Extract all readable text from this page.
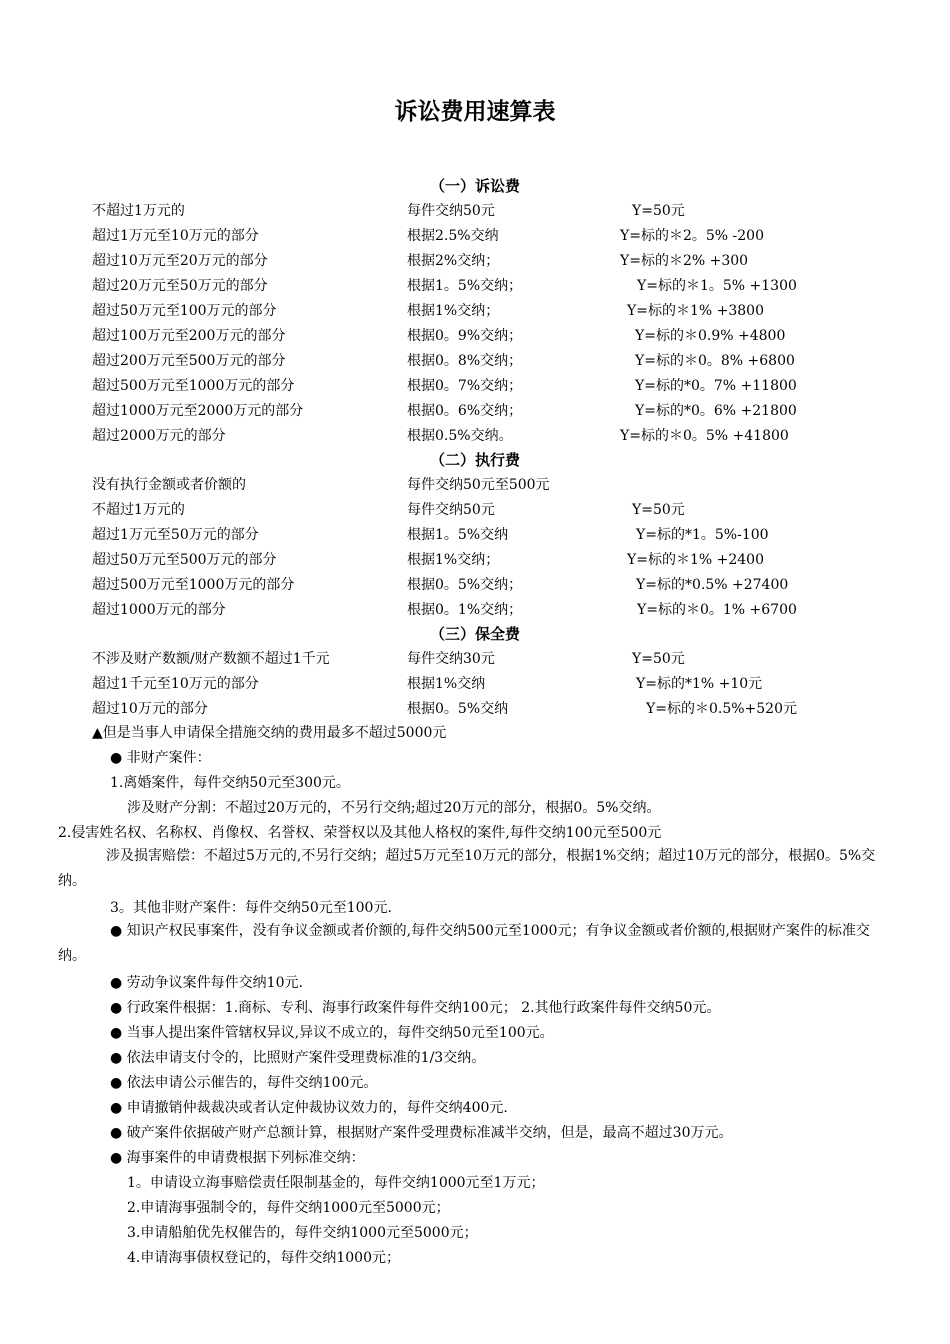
诉讼费用速算表
（一）诉讼费
不超过1万元的	每件交纳50元	Y=50元
超过1万元至10万元的部分	根据2.5%交纳	Y=标的＊2。5% -200
超过10万元至20万元的部分	根据2%交纳；	Y=标的＊2% +300
超过20万元至50万元的部分	根据1。5%交纳；	Y=标的＊1。5% +1300
超过50万元至100万元的部分	根据1%交纳；	Y=标的＊1% +3800
超过100万元至200万元的部分	根据0。9%交纳；	Y=标的＊0.9% +4800
超过200万元至500万元的部分	根据0。8%交纳；	Y=标的＊0。8% +6800
超过500万元至1000万元的部分	根据0。7%交纳；	Y=标的*0。7% +11800
超过1000万元至2000万元的部分	根据0。6%交纳；	Y=标的*0。6% +21800
超过2000万元的部分	根据0.5%交纳。	Y=标的＊0。5% +41800
（二）执行费
没有执行金额或者价额的	每件交纳50元至500元
不超过1万元的	每件交纳50元	Y=50元
超过1万元至50万元的部分	根据1。5%交纳	Y=标的*1。5%-100
超过50万元至500万元的部分	根据1%交纳；	Y=标的＊1% +2400
超过500万元至1000万元的部分	根据0。5%交纳；	Y=标的*0.5% +27400
超过1000万元的部分	根据0。1%交纳；	Y=标的＊0。1% +6700
（三）保全费
不涉及财产数额/财产数额不超过1千元	每件交纳30元	Y=50元
超过1千元至10万元的部分	根据1%交纳	Y=标的*1% +10元
超过10万元的部分	根据0。5%交纳	Y=标的＊0.5%+520元
▲但是当事人申请保全措施交纳的费用最多不超过5000元
● 非财产案件：
1.离婚案件，每件交纳50元至300元。
涉及财产分割：不超过20万元的，不另行交纳;超过20万元的部分，根据0。5%交纳。
2.侵害姓名权、名称权、肖像权、名誉权、荣誉权以及其他人格权的案件,每件交纳100元至500元
涉及损害赔偿：不超过5万元的,不另行交纳；超过5万元至10万元的部分，根据1%交纳；超过10万元的部分，根据0。5%交纳。
3。其他非财产案件：每件交纳50元至100元.
● 知识产权民事案件，没有争议金额或者价额的,每件交纳500元至1000元；有争议金额或者价额的,根据财产案件的标准交纳。
● 劳动争议案件每件交纳10元.
● 行政案件根据：1.商标、专利、海事行政案件每件交纳100元； 2.其他行政案件每件交纳50元。
● 当事人提出案件管辖权异议,异议不成立的，每件交纳50元至100元。
● 依法申请支付令的，比照财产案件受理费标准的1/3交纳。
● 依法申请公示催告的，每件交纳100元。
● 申请撤销仲裁裁决或者认定仲裁协议效力的，每件交纳400元.
● 破产案件依据破产财产总额计算，根据财产案件受理费标准减半交纳，但是，最高不超过30万元。
● 海事案件的申请费根据下列标准交纳：
1。申请设立海事赔偿责任限制基金的，每件交纳1000元至1万元；
2.申请海事强制令的，每件交纳1000元至5000元；
3.申请船舶优先权催告的，每件交纳1000元至5000元；
4.申请海事债权登记的，每件交纳1000元；
